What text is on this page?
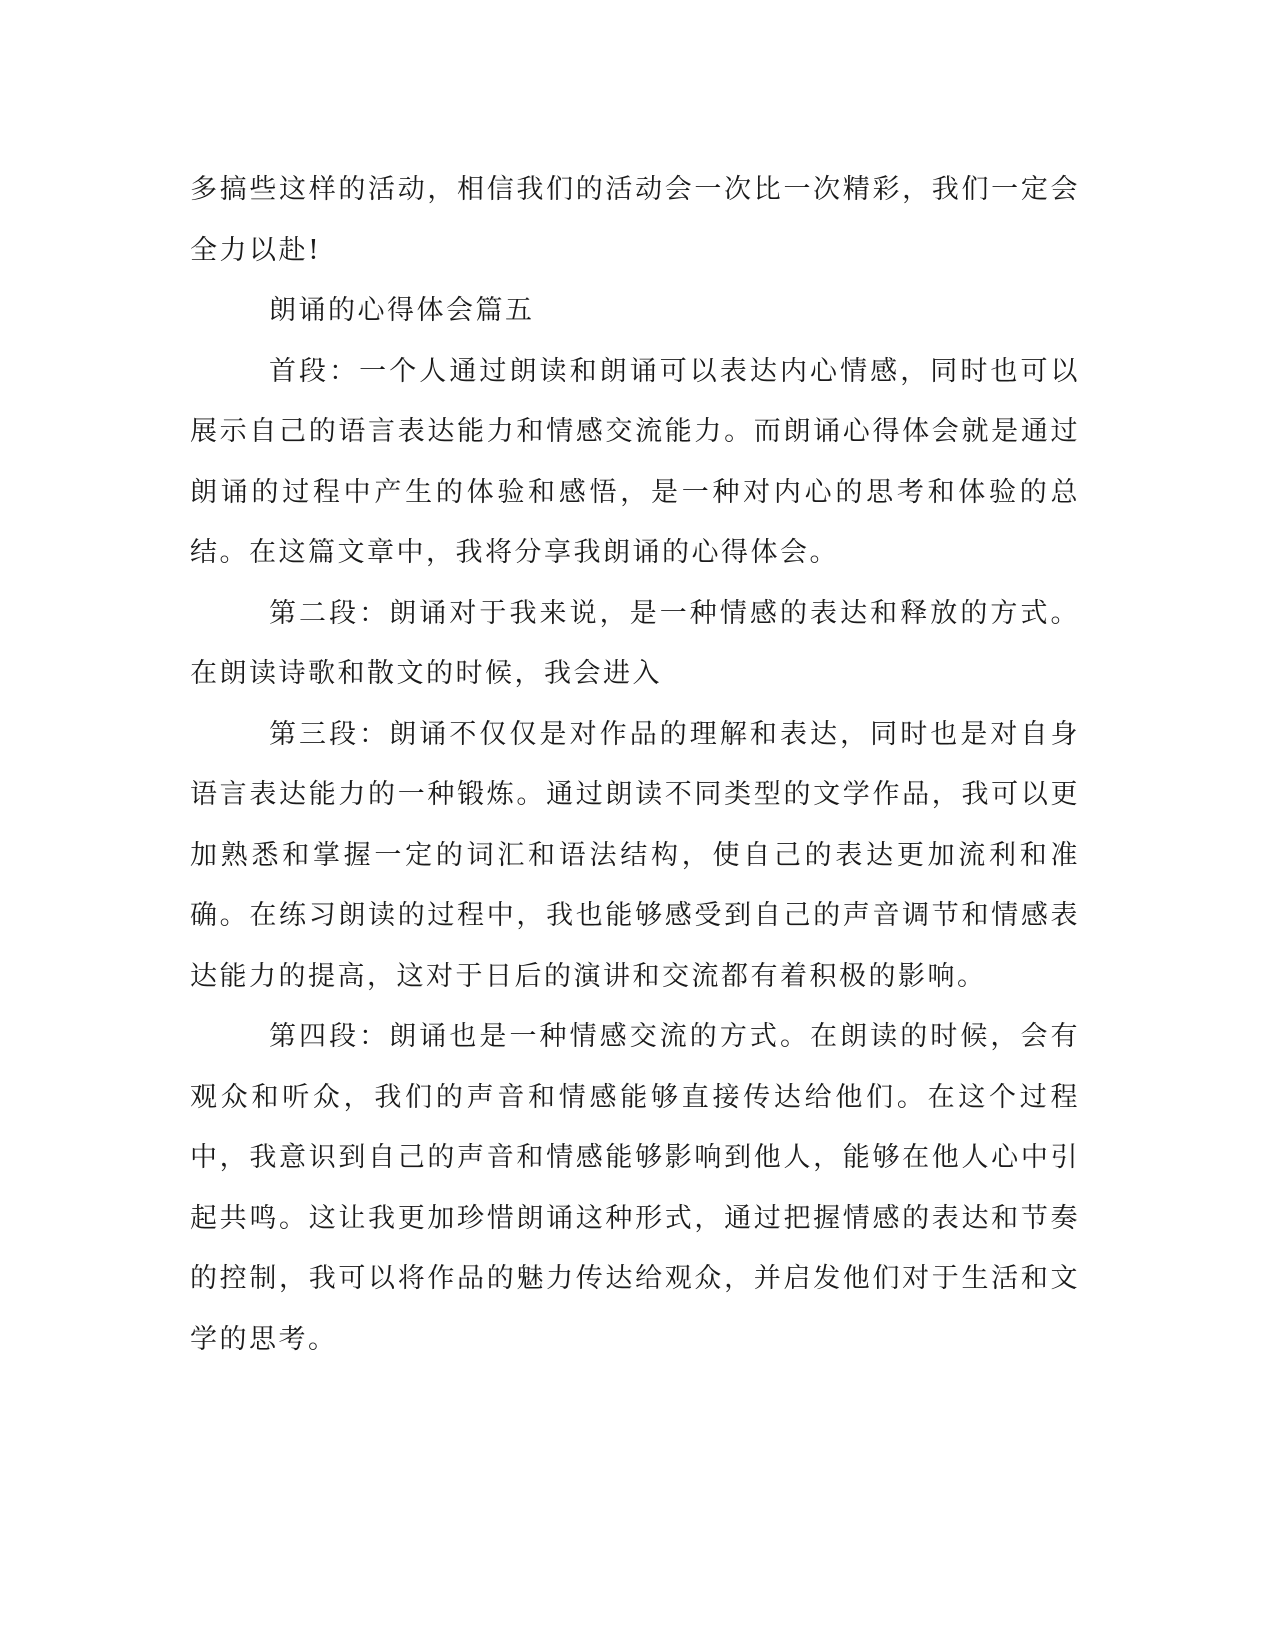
多搞些这样的活动，相信我们的活动会一次比一次精彩，我们一定会全力以赴!

朗诵的心得体会篇五

首段：一个人通过朗读和朗诵可以表达内心情感，同时也可以展示自己的语言表达能力和情感交流能力。而朗诵心得体会就是通过朗诵的过程中产生的体验和感悟，是一种对内心的思考和体验的总结。在这篇文章中，我将分享我朗诵的心得体会。

第二段：朗诵对于我来说，是一种情感的表达和释放的方式。在朗读诗歌和散文的时候，我会进入

第三段：朗诵不仅仅是对作品的理解和表达，同时也是对自身语言表达能力的一种锻炼。通过朗读不同类型的文学作品，我可以更加熟悉和掌握一定的词汇和语法结构，使自己的表达更加流利和准确。在练习朗读的过程中，我也能够感受到自己的声音调节和情感表达能力的提高，这对于日后的演讲和交流都有着积极的影响。

第四段：朗诵也是一种情感交流的方式。在朗读的时候，会有观众和听众，我们的声音和情感能够直接传达给他们。在这个过程中，我意识到自己的声音和情感能够影响到他人，能够在他人心中引起共鸣。这让我更加珍惜朗诵这种形式，通过把握情感的表达和节奏的控制，我可以将作品的魅力传达给观众，并启发他们对于生活和文学的思考。
